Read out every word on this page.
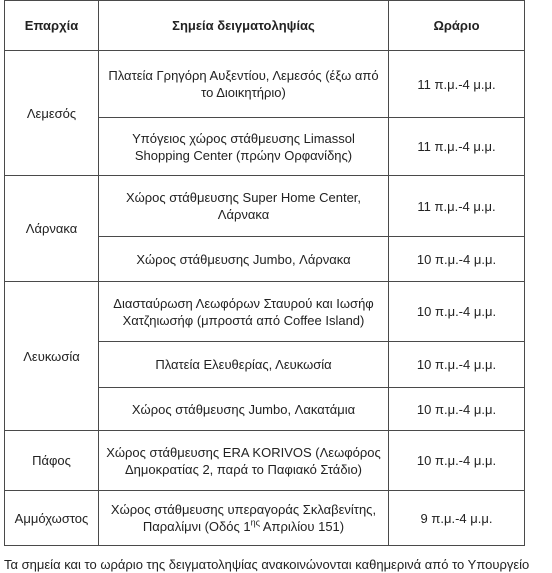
Επαρχία	Σημεία δειγματοληψίας	Ωράριο
Λεμεσός	Πλατεία Γρηγόρη Αυξεντίου, Λεμεσός (έξω από το Διοικητήριο)	11 π.μ.-4 μ.μ.
	Υπόγειος χώρος στάθμευσης Limassol Shopping Center (πρώην Ορφανίδης)	11 π.μ.-4 μ.μ.
Λάρνακα	Χώρος στάθμευσης Super Home Center, Λάρνακα	11 π.μ.-4 μ.μ.
	Χώρος στάθμευσης Jumbo, Λάρνακα	10 π.μ.-4 μ.μ.
Λευκωσία	Διασταύρωση Λεωφόρων Σταυρού και Ιωσήφ Χατζηιωσήφ (μπροστά από Coffee Island)	10 π.μ.-4 μ.μ.
	Πλατεία Ελευθερίας, Λευκωσία	10 π.μ.-4 μ.μ.
	Χώρος στάθμευσης Jumbo, Λακατάμια	10 π.μ.-4 μ.μ.
Πάφος	Χώρος στάθμευσης ERA KORIVOS (Λεωφόρος Δημοκρατίας 2, παρά το Παφιακό Στάδιο)	10 π.μ.-4 μ.μ.
Αμμόχωστος	Χώρος στάθμευσης υπεραγοράς Σκλαβενίτης, Παραλίμνι (Οδός $1^{\eta\varsigma}$ Απριλίου 151)	9 π.μ.-4 μ.μ.
Τα σημεία και το ωράριο της δειγματοληψίας ανακοινώνονται καθημερινά από το Υπουργείο
